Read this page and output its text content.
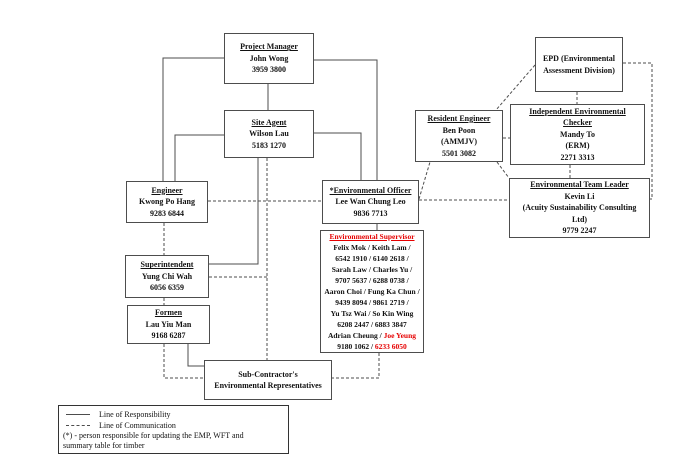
Project Manager
John Wong
3959 3800
Site Agent
Wilson Lau
5183 1270
Engineer
Kwong Po Hang
9283 6844
Superintendent
Yung Chi Wah
6056 6359
Formen
Lau Yiu Man
9168 6287
*Environmental Officer
Lee Wan Chung Leo
9836 7713
Environmental Supervisor
Felix Mok / Keith Lam /
6542 1910 / 6140 2618 /
Sarah Law / Charles Yu /
9707 5637 / 6288 0738 /
Aaron Choi / Fung Ka Chun /
9439 8094 / 9861 2719 /
Yu Tsz Wai / So Kin Wing
6208 2447 / 6883 3847
Adrian Cheung / Joe Yeung
9180 1062 / 6233 6050
Sub-Contractor's
Environmental Representatives
Resident Engineer
Ben Poon
(AMMJV)
5501 3082
EPD (Environmental
Assessment Division)
Independent Environmental Checker
Mandy To
(ERM)
2271 3313
Environmental Team Leader
Kevin Li
(Acuity Sustainability Consulting
Ltd)
9779 2247
Line of Responsibility
Line of Communication
(*) - person responsible for updating the EMP, WFT and
summary table for timber
